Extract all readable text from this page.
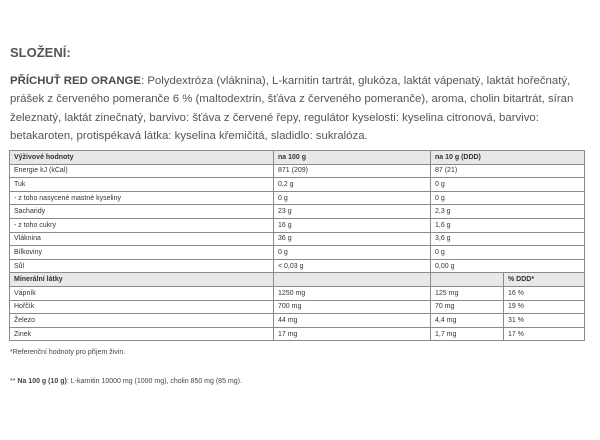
SLOŽENÍ:
PŘÍCHUŤ RED ORANGE: Polydextróza (vláknina), L-karnitin tartrát, glukóza, laktát vápenatý, laktát hořečnatý, prášek z červeného pomeranče 6 % (maltodextrin, šťáva z červeného pomeranče), aroma, cholin bitartrát, síran železnatý, laktát zinečnatý, barvivo: šťáva z červené řepy, regulátor kyselosti: kyselina citronová, barvivo: betakaroten, protispékavá látka: kyselina křemičitá, sladidlo: sukralóza.
Výživové hodnoty	na 100 g	na 10 g (DDD)	
Energie kJ (kCal)	871 (209)	87 (21)	
Tuk	0,2 g	0 g	
- z toho nasycené mastné kyseliny	0 g	0 g	
Sacharidy	23 g	2,3 g	
- z toho cukry	16 g	1,6 g	
Vláknina	36 g	3,6 g	
Bílkoviny	0 g	0 g	
Sůl	< 0,03 g	0,00 g	
Minerální látky			% DDD*
Vápník	1250 mg	125 mg	16 %
Hořčík	700 mg	70 mg	19 %
Železo	44 mg	4,4 mg	31 %
Zinek	17 mg	1,7 mg	17 %
*Referenční hodnoty pro příjem živin.
** Na 100 g (10 g): L-karnitin 10000 mg (1000 mg), cholin 850 mg (85 mg).
